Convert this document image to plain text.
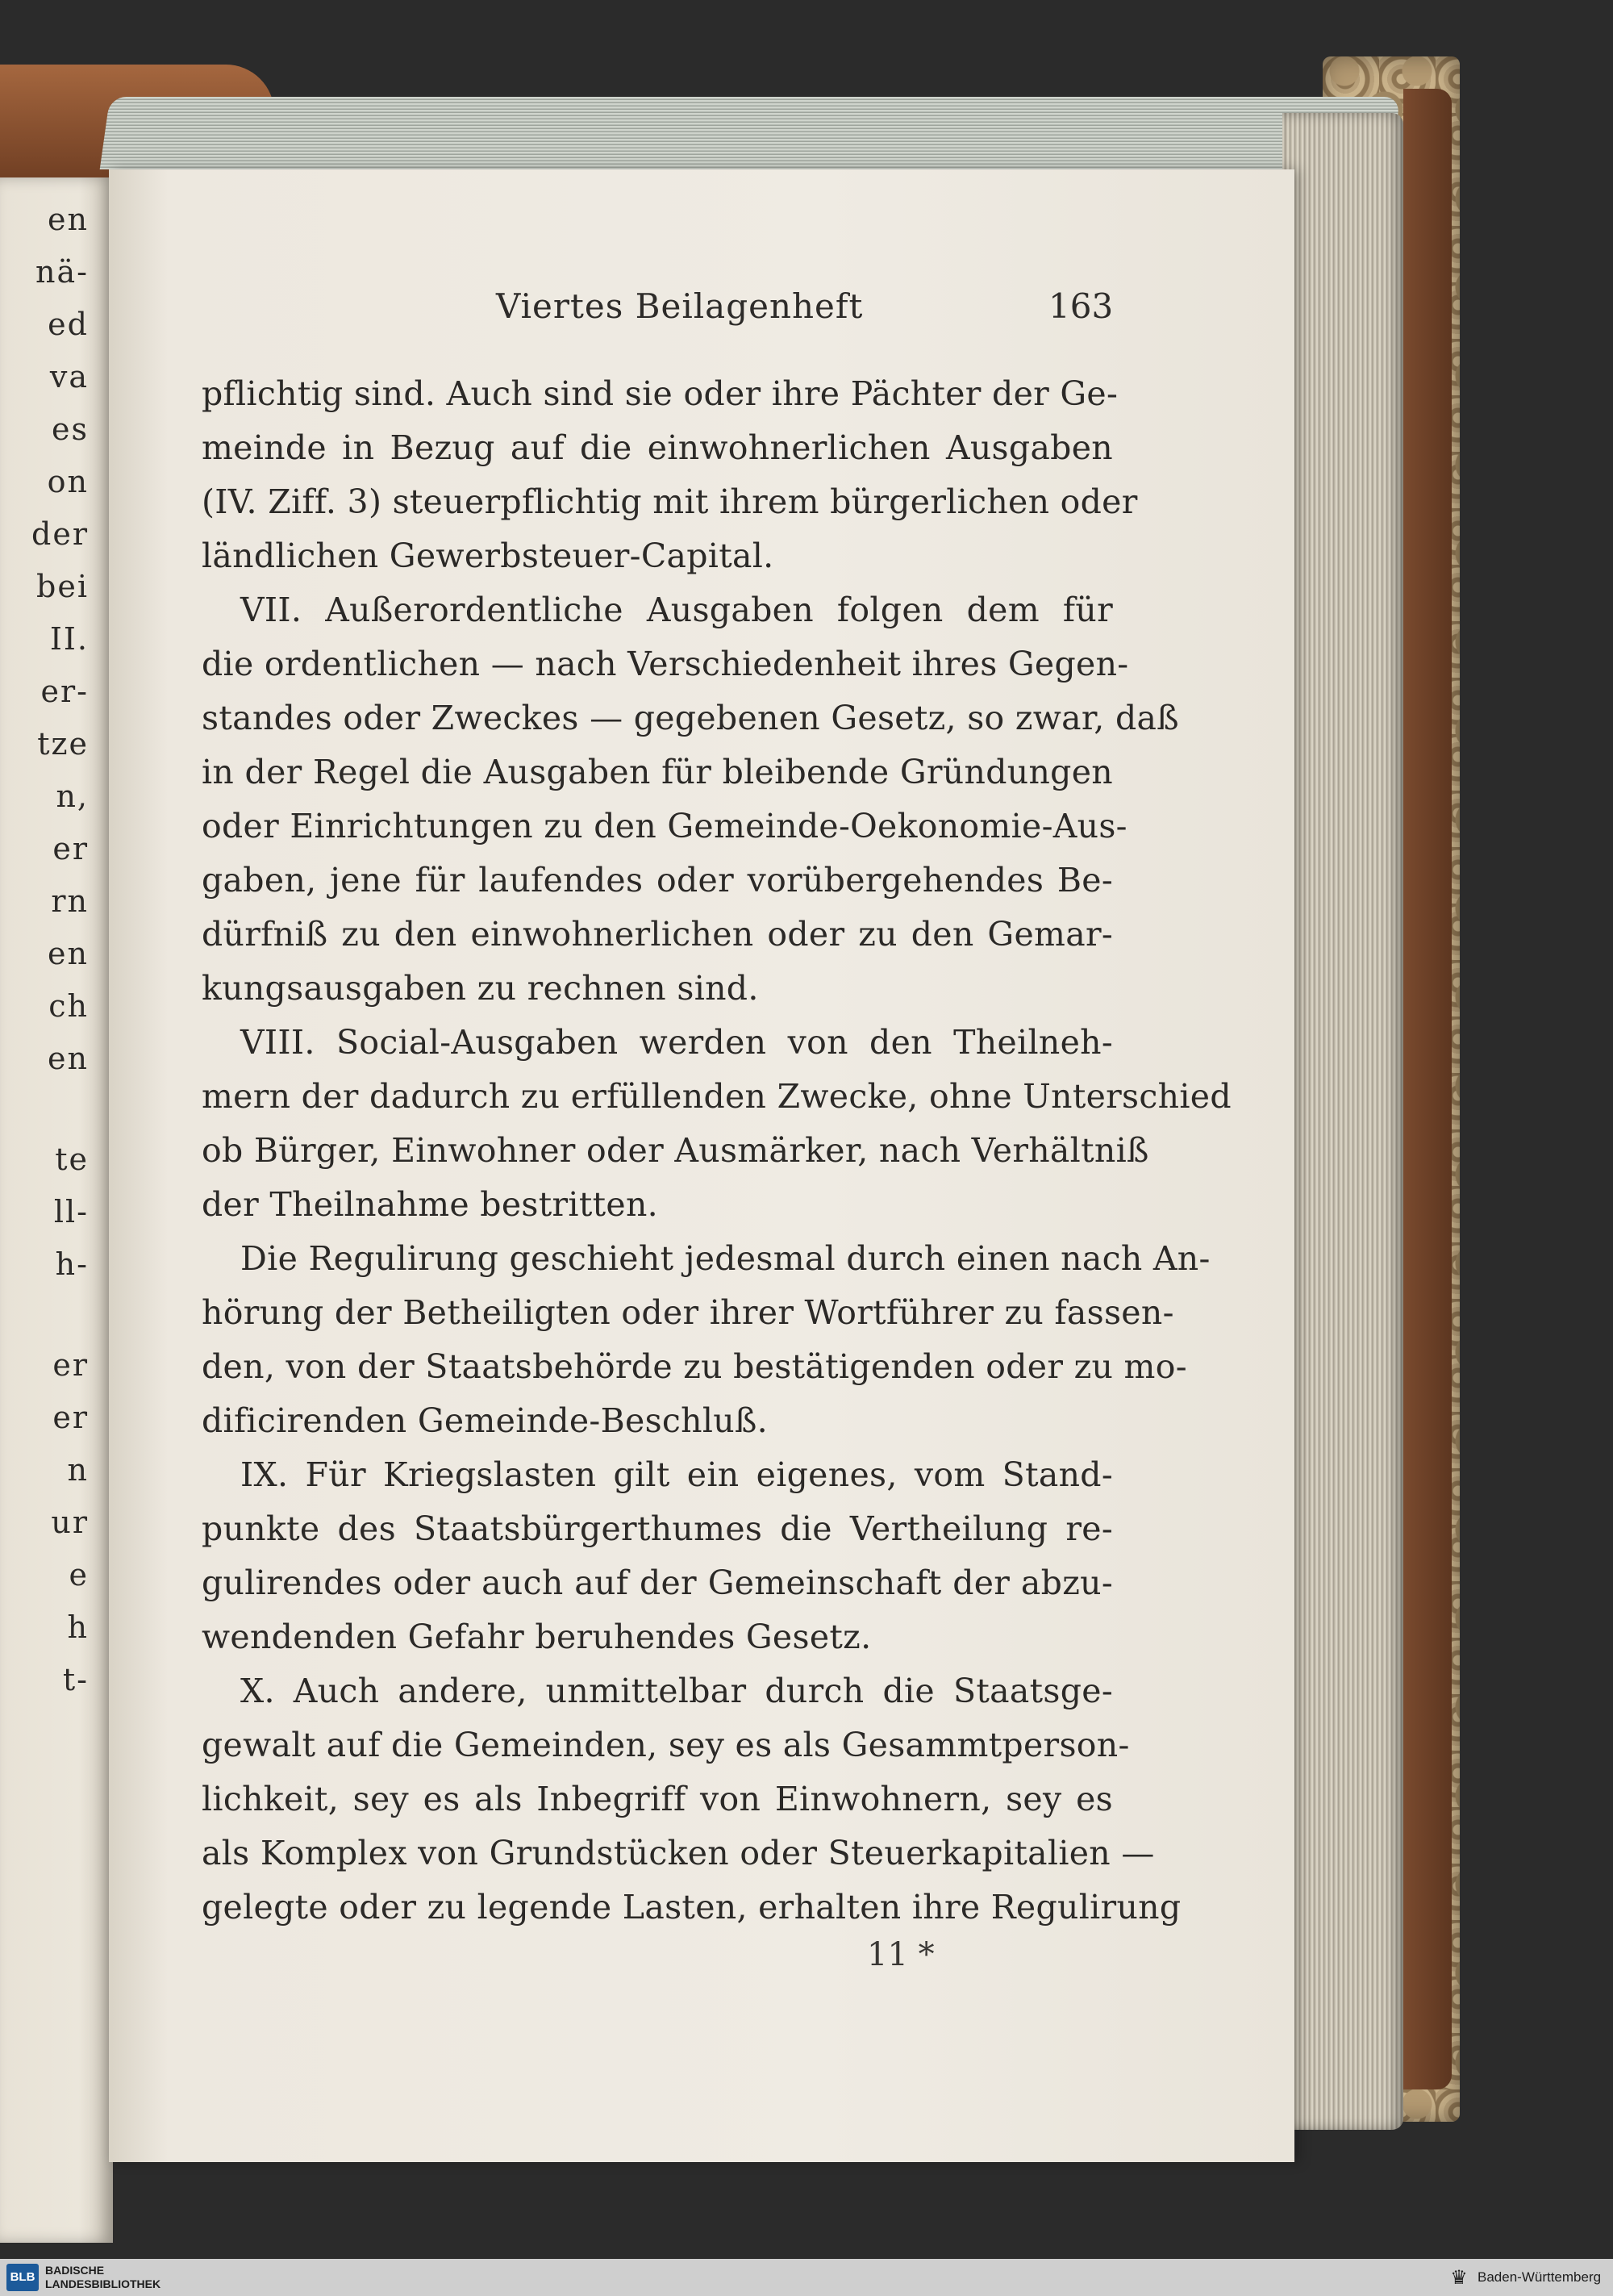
en
nä-
ed
va
es
on
der
bei
II.
er-
tze
n,
er
rn
en
ch
en
te
ll-
h-
er
er
n
ur
e
h
t-
Viertes Beilagenheft	163
pflichtig sind. Auch sind sie oder ihre Pächter der Ge-
meinde in Bezug auf die einwohnerlichen Ausgaben
(IV. Ziff. 3) steuerpflichtig mit ihrem bürgerlichen oder
ländlichen Gewerbsteuer-Capital.
VII. Außerordentliche Ausgaben folgen dem für
die ordentlichen — nach Verschiedenheit ihres Gegen-
standes oder Zweckes — gegebenen Gesetz, so zwar, daß
in der Regel die Ausgaben für bleibende Gründungen
oder Einrichtungen zu den Gemeinde-Oekonomie-Aus-
gaben, jene für laufendes oder vorübergehendes Be-
dürfniß zu den einwohnerlichen oder zu den Gemar-
kungsausgaben zu rechnen sind.
VIII. Social-Ausgaben werden von den Theilneh-
mern der dadurch zu erfüllenden Zwecke, ohne Unterschied
ob Bürger, Einwohner oder Ausmärker, nach Verhältniß
der Theilnahme bestritten.
Die Regulirung geschieht jedesmal durch einen nach An-
hörung der Betheiligten oder ihrer Wortführer zu fassen-
den, von der Staatsbehörde zu bestätigenden oder zu mo-
dificirenden Gemeinde-Beschluß.
IX. Für Kriegslasten gilt ein eigenes, vom Stand-
punkte des Staatsbürgerthumes die Vertheilung re-
gulirendes oder auch auf der Gemeinschaft der abzu-
wendenden Gefahr beruhendes Gesetz.
X. Auch andere, unmittelbar durch die Staatsge-
gewalt auf die Gemeinden, sey es als Gesammtperson-
lichkeit, sey es als Inbegriff von Einwohnern, sey es
als Komplex von Grundstücken oder Steuerkapitalien —
gelegte oder zu legende Lasten, erhalten ihre Regulirung
11 *
BLB BADISCHE
LANDESBIBLIOTHEK	♛ Baden-Württemberg
